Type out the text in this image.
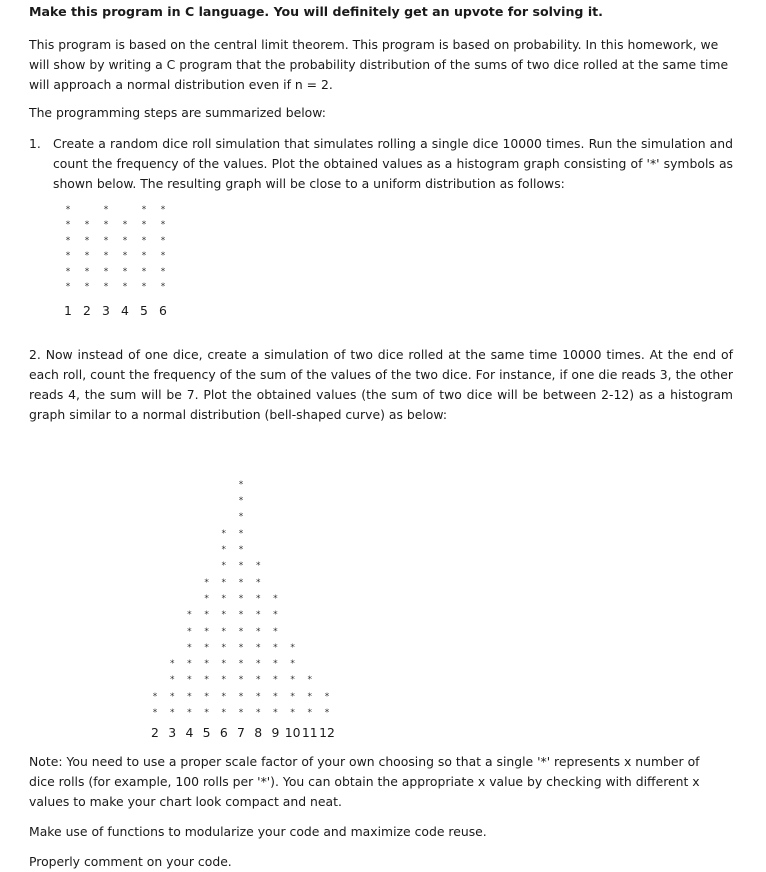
Make this program in C language. You will definitely get an upvote for solving it.
This program is based on the central limit theorem. This program is based on probability. In this homework, we will show by writing a C program that the probability distribution of the sums of two dice rolled at the same time will approach a normal distribution even if n = 2.
The programming steps are summarized below:
1. Create a random dice roll simulation that simulates rolling a single dice 10000 times. Run the simulation and count the frequency of the values. Plot the obtained values as a histogram graph consisting of '*' symbols as shown below. The resulting graph will be close to a uniform distribution as follows:
*
*
*
*
*
*
1
*
*
*
*
*
2
*
*
*
*
*
*
3
*
*
*
*
*
4
*
*
*
*
*
*
5
*
*
*
*
*
*
6
2. Now instead of one dice, create a simulation of two dice rolled at the same time 10000 times. At the end of each roll, count the frequency of the sum of the values of the two dice. For instance, if one die reads 3, the other reads 4, the sum will be 7. Plot the obtained values (the sum of two dice will be between 2-12) as a histogram graph similar to a normal distribution (bell-shaped curve) as below:
*
*
2
*
*
*
*
3
*
*
*
*
*
*
*
4
*
*
*
*
*
*
*
*
*
5
*
*
*
*
*
*
*
*
*
*
*
*
6
*
*
*
*
*
*
*
*
*
*
*
*
*
*
*
7
*
*
*
*
*
*
*
*
*
*
8
*
*
*
*
*
*
*
*
9
*
*
*
*
*
10
*
*
*
11
*
*
12
Note: You need to use a proper scale factor of your own choosing so that a single '*' represents x number of dice rolls (for example, 100 rolls per '*'). You can obtain the appropriate x value by checking with different x values to make your chart look compact and neat.
Make use of functions to modularize your code and maximize code reuse.
Properly comment on your code.
